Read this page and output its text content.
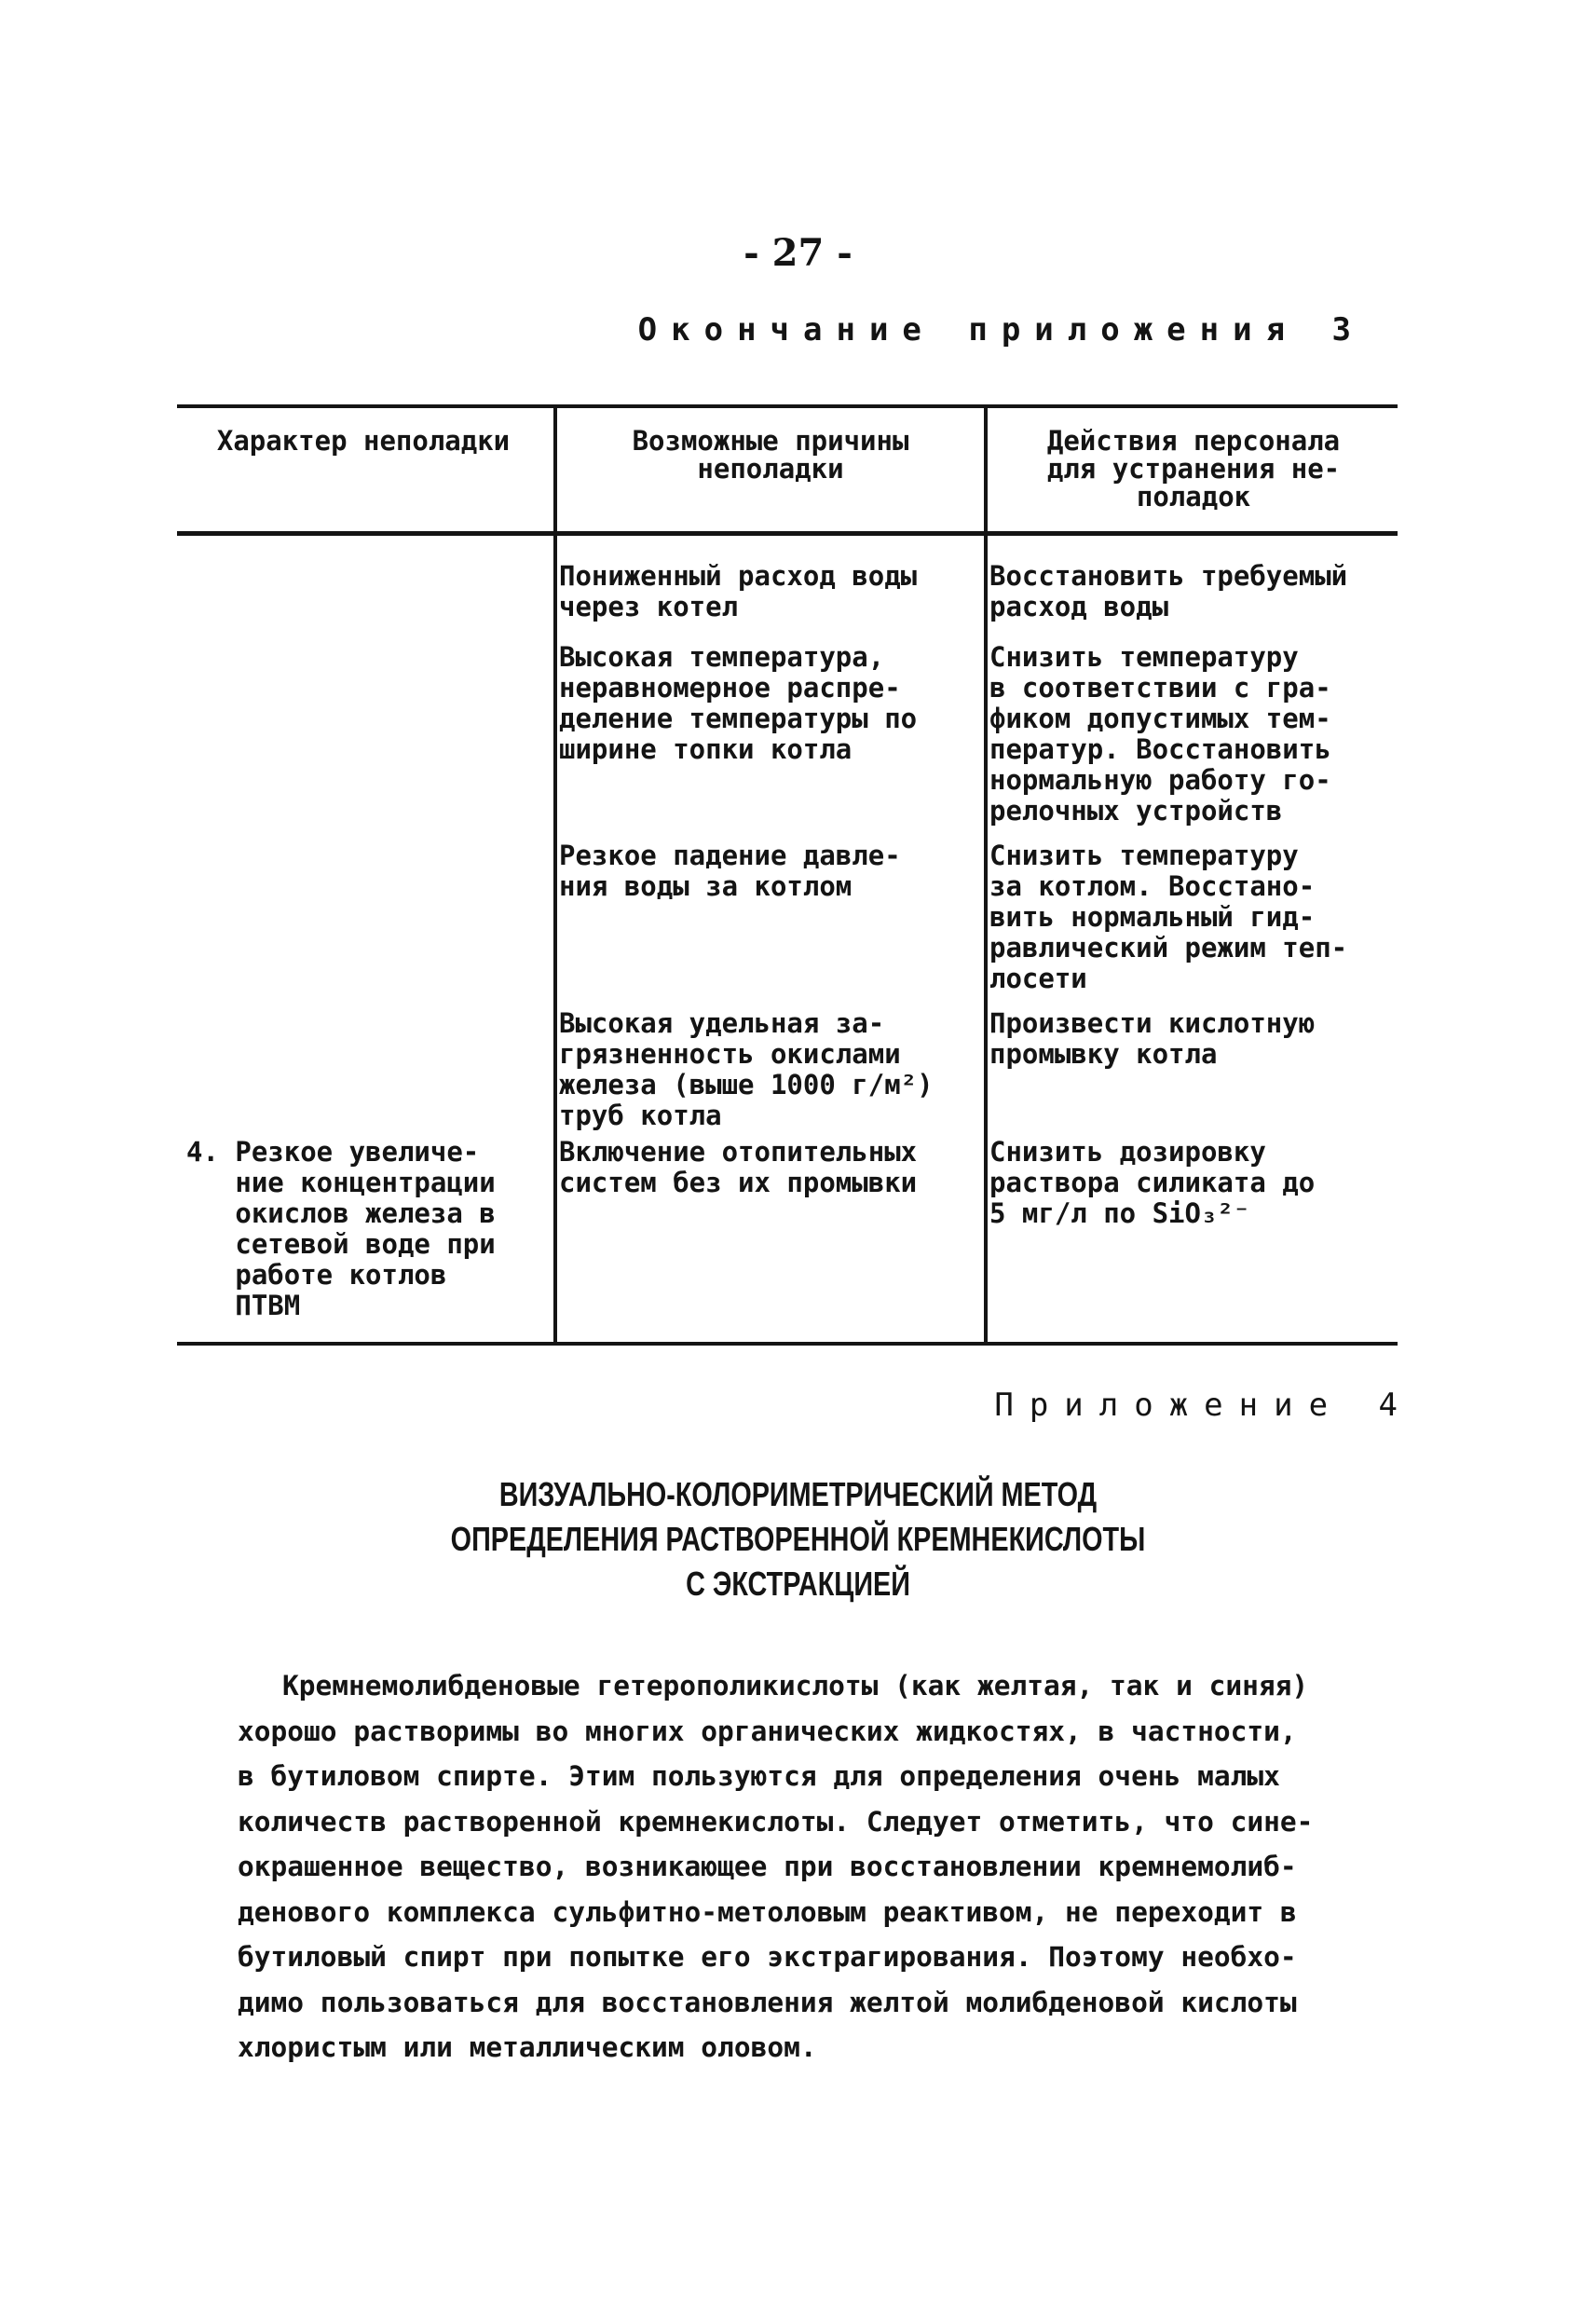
- 27 -
Окончание приложения 3
Характер неполадки	Возможные причины
неполадки
Действия персонала
для устранения не-
поладок
Пониженный расход воды
через котел
Восстановить требуемый
расход воды
Высокая температура,
неравномерное распре-
деление температуры по
ширине топки котла
Снизить температуру
в соответствии с гра-
фиком допустимых тем-
ператур. Восстановить
нормальную работу го-
релочных устройств
Резкое падение давле-
ния воды за котлом
Снизить температуру
за котлом. Восстано-
вить нормальный гид-
равлический режим теп-
лосети
Высокая удельная за-
грязненность окислами
железа (выше 1000 г/м²)
труб котла
Произвести кислотную
промывку котла
4. Резкое увеличе-
ние концентрации
окислов железа в
сетевой воде при
работе котлов
ПТВМ
Включение отопительных
систем без их промывки
Снизить дозировку
раствора силиката до
5 мг/л по SiO₃²⁻
Приложение 4
ВИЗУАЛЬНО-КОЛОРИМЕТРИЧЕСКИЙ МЕТОД
ОПРЕДЕЛЕНИЯ РАСТВОРЕННОЙ КРЕМНЕКИСЛОТЫ
С ЭКСТРАКЦИЕЙ
Кремнемолибденовые гетерополикислоты (как желтая, так и синяя)
хорошо растворимы во многих органических жидкостях, в частности,
в бутиловом спирте. Этим пользуются для определения очень малых
количеств растворенной кремнекислоты. Следует отметить, что сине-
окрашенное вещество, возникающее при восстановлении кремнемолиб-
денового комплекса сульфитно-метоловым реактивом, не переходит в
бутиловый спирт при попытке его экстрагирования. Поэтому необхо-
димо пользоваться для восстановления желтой молибденовой кислоты
хлористым или металлическим оловом.
